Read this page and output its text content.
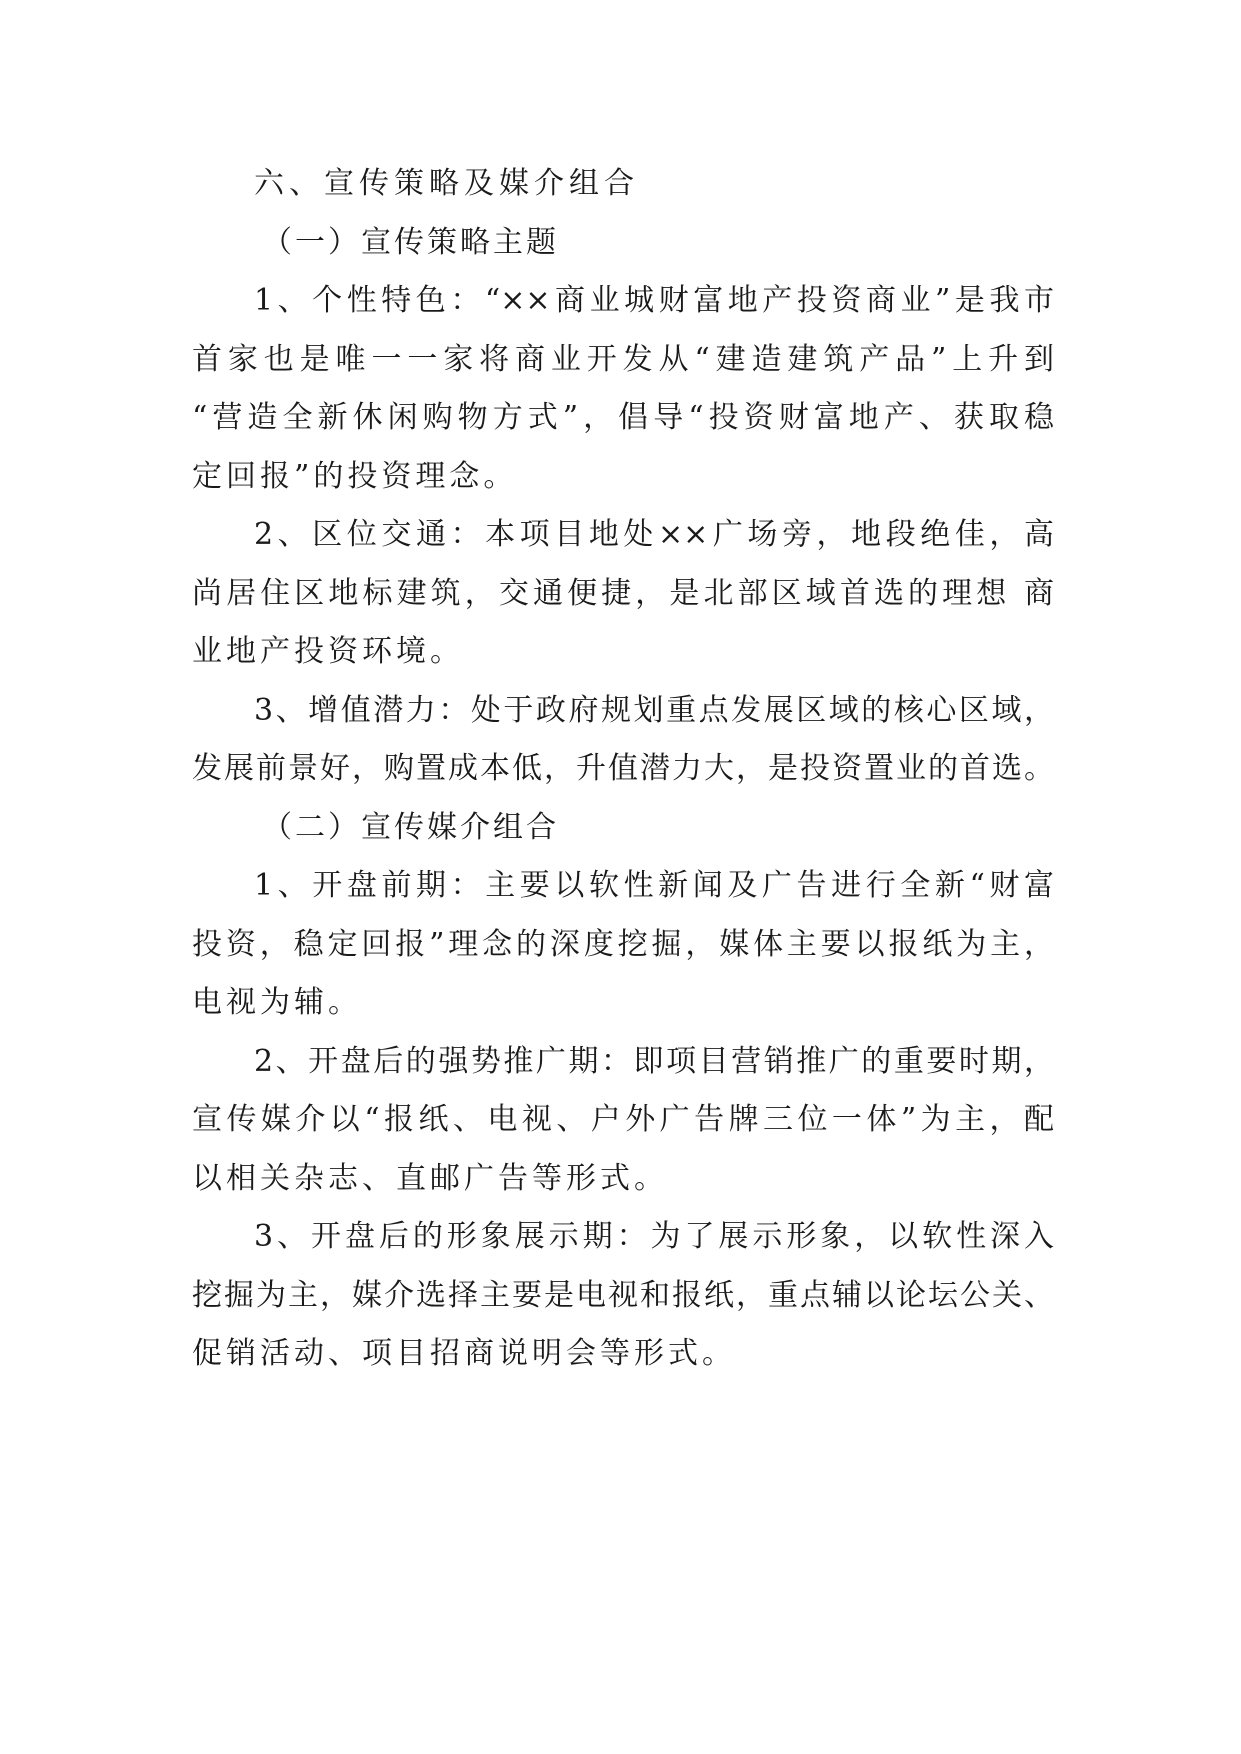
六、宣传策略及媒介组合
（一）宣传策略主题
1、个性特色：“××商业城财富地产投资商业”是我市
首家也是唯一一家将商业开发从“建造建筑产品”上升到
“营造全新休闲购物方式”，倡导“投资财富地产、获取稳
定回报”的投资理念。
2、区位交通：本项目地处××广场旁，地段绝佳，高
尚居住区地标建筑，交通便捷，是北部区域首选的理想 商
业地产投资环境。
3、增值潜力：处于政府规划重点发展区域的核心区域，
发展前景好，购置成本低，升值潜力大，是投资置业的首选。
（二）宣传媒介组合
1、开盘前期：主要以软性新闻及广告进行全新“财富
投资，稳定回报”理念的深度挖掘，媒体主要以报纸为主，
电视为辅。
2、开盘后的强势推广期：即项目营销推广的重要时期，
宣传媒介以“报纸、电视、户外广告牌三位一体”为主，配
以相关杂志、直邮广告等形式。
3、开盘后的形象展示期：为了展示形象，以软性深入
挖掘为主，媒介选择主要是电视和报纸，重点辅以论坛公关、
促销活动、项目招商说明会等形式。
